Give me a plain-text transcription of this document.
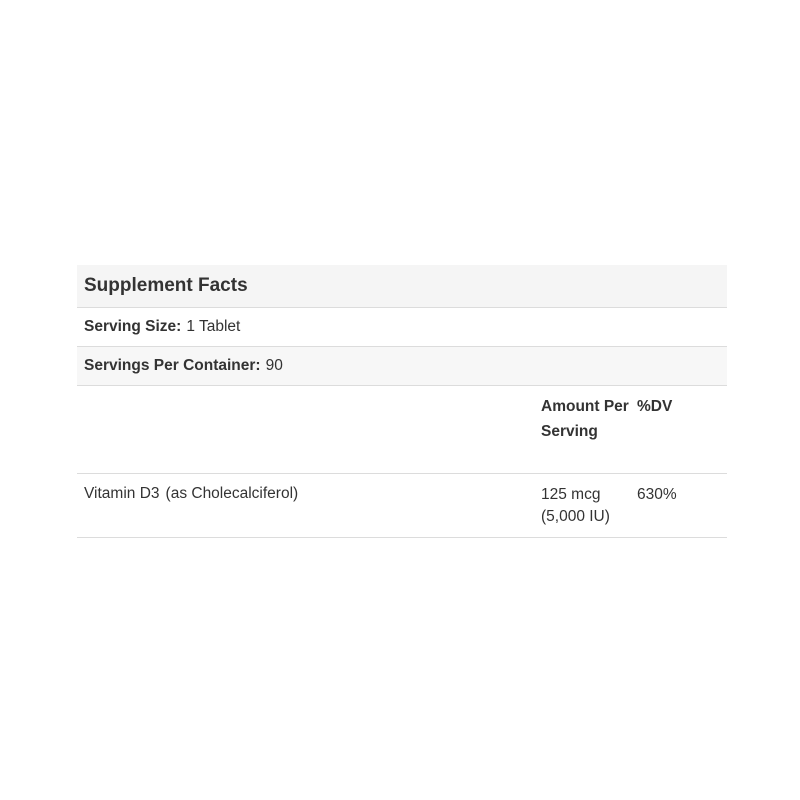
Supplement Facts
Serving Size: 1 Tablet
Servings Per Container: 90
Amount Per Serving
%DV
Vitamin D3 (as Cholecalciferol)	125 mcg
(5,000 IU)
630%
